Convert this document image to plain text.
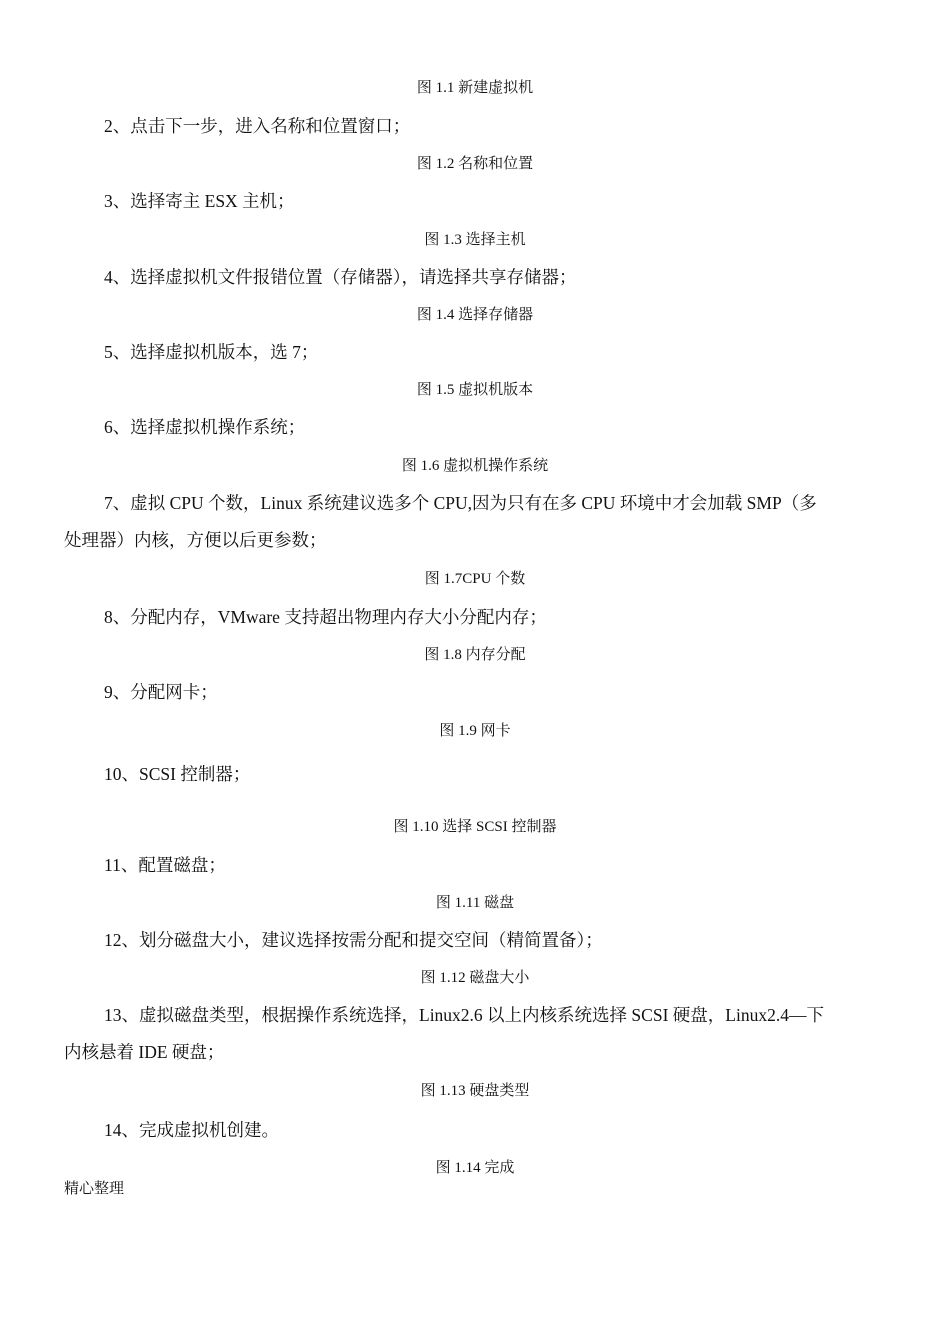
图 1.1 新建虚拟机
2、点击下一步，进入名称和位置窗口；
图 1.2 名称和位置
3、选择寄主 ESX 主机；
图 1.3 选择主机
4、选择虚拟机文件报错位置（存储器），请选择共享存储器；
图 1.4 选择存储器
5、选择虚拟机版本，选 7；
图 1.5 虚拟机版本
6、选择虚拟机操作系统；
图 1.6 虚拟机操作系统
7、虚拟 CPU 个数，Linux 系统建议选多个 CPU,因为只有在多 CPU 环境中才会加载 SMP（多
处理器）内核，方便以后更参数；
图 1.7CPU 个数
8、分配内存，VMware 支持超出物理内存大小分配内存；
图 1.8 内存分配
9、分配网卡；
图 1.9 网卡
10、SCSI 控制器；
图 1.10 选择 SCSI 控制器
11、配置磁盘；
图 1.11 磁盘
12、划分磁盘大小，建议选择按需分配和提交空间（精简置备）；
图 1.12 磁盘大小
13、虚拟磁盘类型，根据操作系统选择，Linux2.6 以上内核系统选择 SCSI 硬盘，Linux2.4—下
内核悬着 IDE 硬盘；
图 1.13 硬盘类型
14、完成虚拟机创建。
图 1.14 完成
精心整理
